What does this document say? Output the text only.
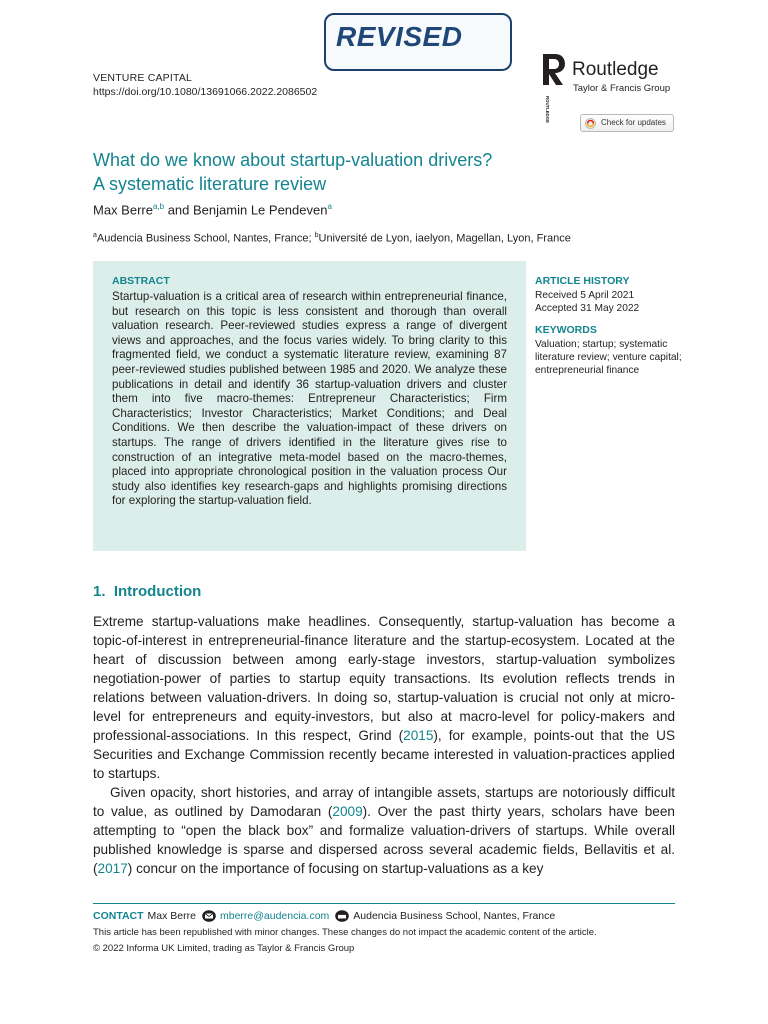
REVISED
VENTURE CAPITAL
https://doi.org/10.1080/13691066.2022.2086502
ROUTLEDGE
Routledge
Taylor & Francis Group
Check for updates
What do we know about startup-valuation drivers?
A systematic literature review
Max Berre$^{a,b}$ and Benjamin Le Pendeven$^a$
$^a$Audencia Business School, Nantes, France; $^b$Université de Lyon, iaelyon, Magellan, Lyon, France
ABSTRACT
Startup-valuation is a critical area of research within entrepreneurial finance, but research on this topic is less consistent and thorough than overall valuation research. Peer-reviewed studies express a range of divergent views and approaches, and the focus varies widely. To bring clarity to this fragmented field, we conduct a systematic literature review, examining 87 peer-reviewed studies published between 1985 and 2020. We analyze these publications in detail and identify 36 startup-valuation drivers and cluster them into five macro-themes: Entrepreneur Characteristics; Firm Characteristics; Investor Characteristics; Market Conditions; and Deal Conditions. We then describe the valuation-impact of these drivers on startups. The range of drivers identified in the literature gives rise to construction of an integrative meta-model based on the macro-themes, placed into appropriate chronological position in the valuation process Our study also identifies key research-gaps and highlights promising directions for exploring the startup-valuation field.
ARTICLE HISTORY
Received 5 April 2021
Accepted 31 May 2022
KEYWORDS
Valuation; startup; systematic literature review; venture capital; entrepreneurial finance
1.  Introduction

Extreme startup-valuations make headlines. Consequently, startup-valuation has become a topic-of-interest in entrepreneurial-finance literature and the startup-ecosystem. Located at the heart of discussion between among early-stage investors, startup-valuation symbolizes negotiation-power of parties to startup equity transactions. Its evolution reflects trends in relations between valuation-drivers. In doing so, startup-valuation is crucial not only at micro-level for entrepreneurs and equity-investors, but also at macro-level for policy-makers and professional-associations. In this respect, Grind (2015), for example, points-out that the US Securities and Exchange Commission recently became interested in valuation-practices applied to startups.

Given opacity, short histories, and array of intangible assets, startups are notoriously difficult to value, as outlined by Damodaran (2009). Over the past thirty years, scholars have been attempting to “open the black box” and formalize valuation-drivers of startups. While overall published knowledge is sparse and dispersed across several academic fields, Bellavitis et al. (2017) concur on the importance of focusing on startup-valuations as a key

CONTACT Max Berre mberre@audencia.com Audencia Business School, Nantes, France
This article has been republished with minor changes. These changes do not impact the academic content of the article.
© 2022 Informa UK Limited, trading as Taylor & Francis Group
